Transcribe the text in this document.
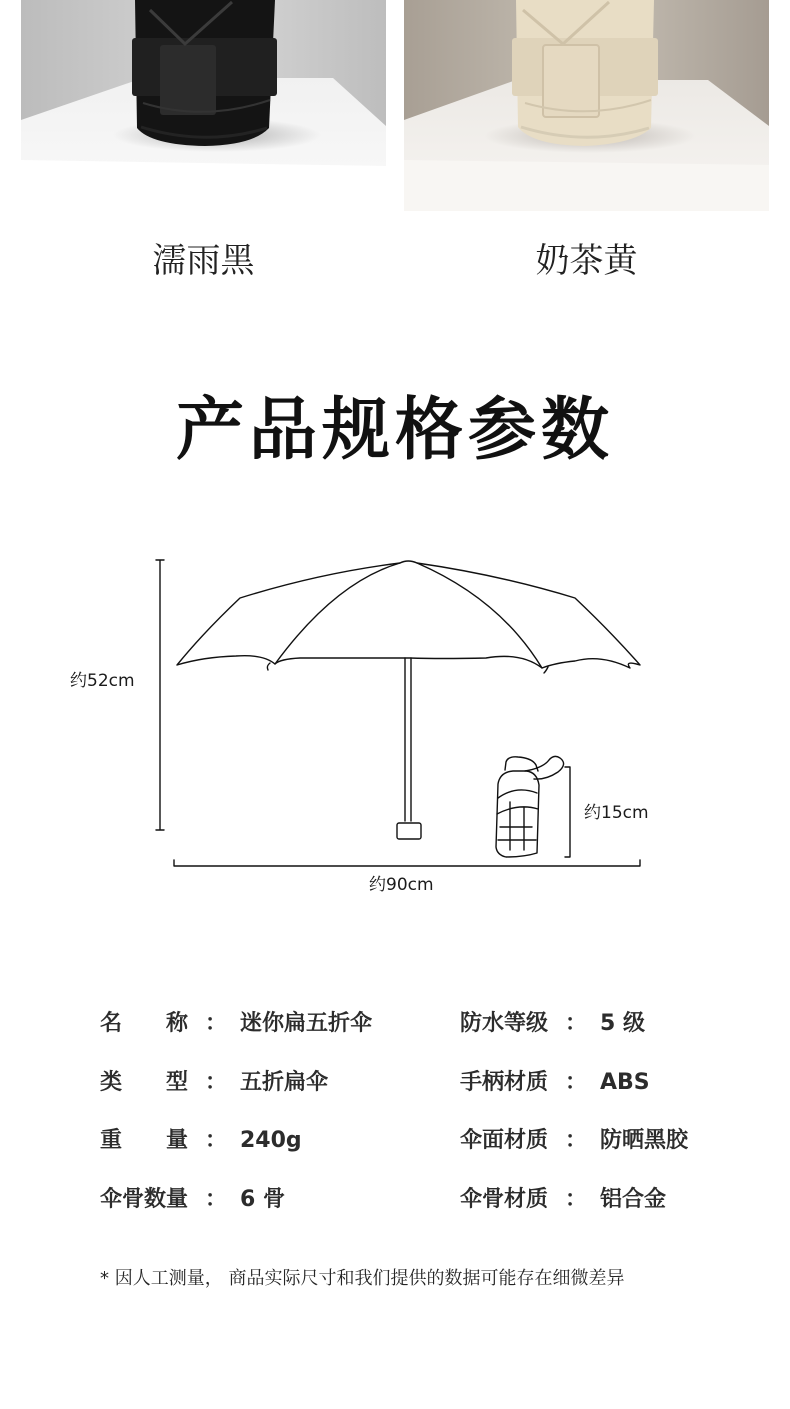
濡雨黑	奶茶黄
产品规格参数
约52cm
约90cm
约15cm
名　　称 ： 迷你扁五折伞
类　　型 ： 五折扁伞
重　　量 ： 240g
伞骨数量 ： 6 骨
防水等级 ： 5 级
手柄材质 ： ABS
伞面材质 ： 防晒黑胶
伞骨材质 ： 铝合金
* 因人工测量， 商品实际尺寸和我们提供的数据可能存在细微差异
